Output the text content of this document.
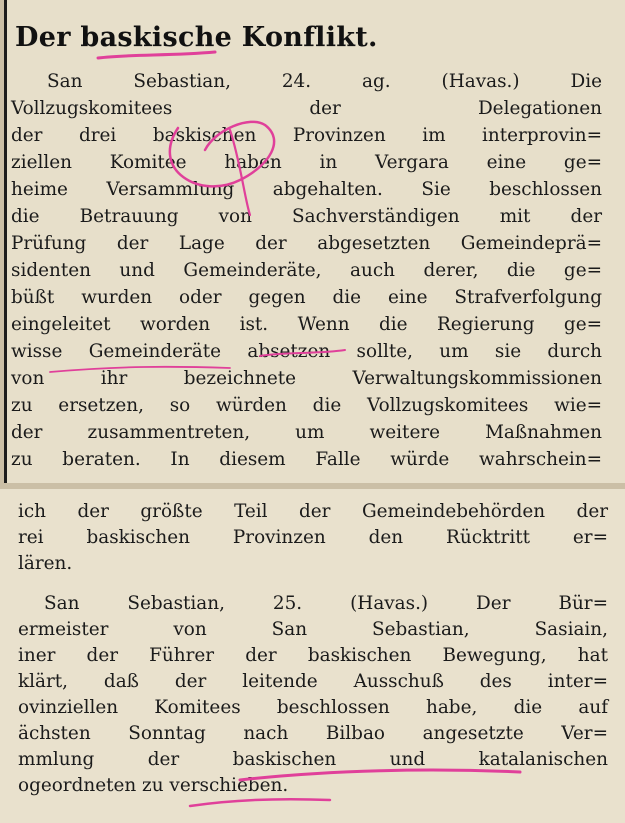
Der baskische Konflikt.
San Sebastian, 24. ag. (Havas.) Die
Vollzugskomitees der Delegationen
der drei baskischen Provinzen im interprovin=
ziellen Komitee haben in Vergara eine ge=
heime Versammlung abgehalten. Sie beschlossen
die Betrauung von Sachverständigen mit der
Prüfung der Lage der abgesetzten Gemeindeprä=
sidenten und Gemeinderäte, auch derer, die ge=
büßt wurden oder gegen die eine Strafverfolgung
eingeleitet worden ist. Wenn die Regierung ge=
wisse Gemeinderäte absetzen sollte, um sie durch
von ihr bezeichnete Verwaltungskommissionen
zu ersetzen, so würden die Vollzugskomitees wie=
der zusammentreten, um weitere Maßnahmen
zu beraten. In diesem Falle würde wahrschein=
ich der größte Teil der Gemeindebehörden der
rei baskischen Provinzen den Rücktritt er=
lären.
San Sebastian, 25. (Havas.) Der Bür=
ermeister von San Sebastian, Sasiain,
iner der Führer der baskischen Bewegung, hat
klärt, daß der leitende Ausschuß des inter=
ovinziellen Komitees beschlossen habe, die auf
ächsten Sonntag nach Bilbao angesetzte Ver=
mmlung der baskischen und katalanischen
ogeordneten zu verschieben.
